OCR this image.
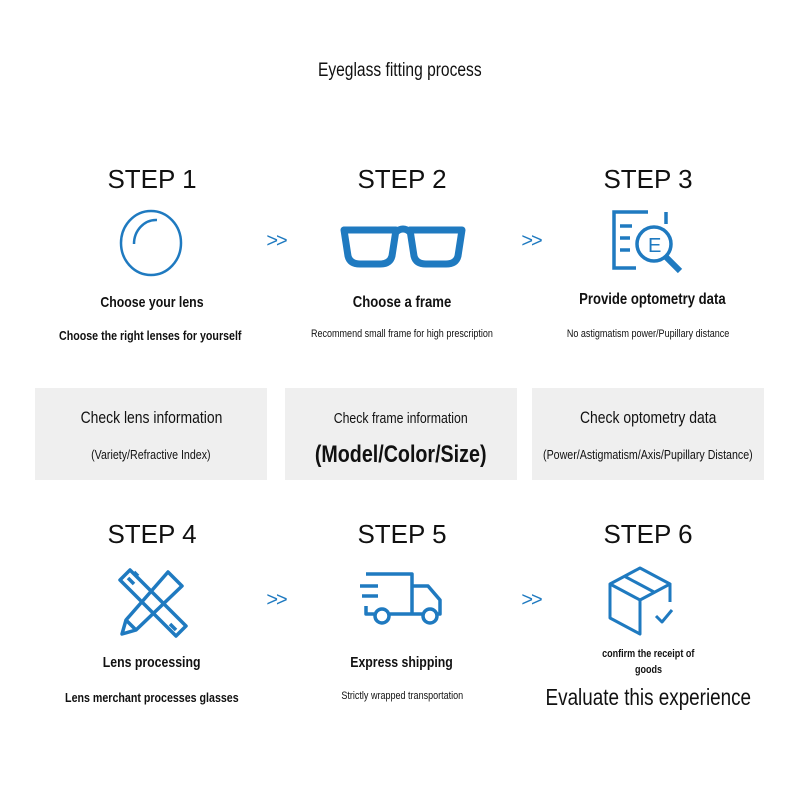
Eyeglass fitting process
STEP 1	STEP 2	STEP 3
E
>>	>>
Choose your lens	Choose a frame	Provide optometry data
Choose the right lenses for yourself	Recommend small frame for high prescription	No astigmatism power/Pupillary distance
Check lens information
(Variety/Refractive Index)
Check frame information
(Model/Color/Size)
Check optometry data
(Power/Astigmatism/Axis/Pupillary Distance)
STEP 4	STEP 5	STEP 6
>>	>>
Lens processing	Express shipping	confirm the receipt of
goods
Lens merchant processes glasses	Strictly wrapped transportation	Evaluate this experience
